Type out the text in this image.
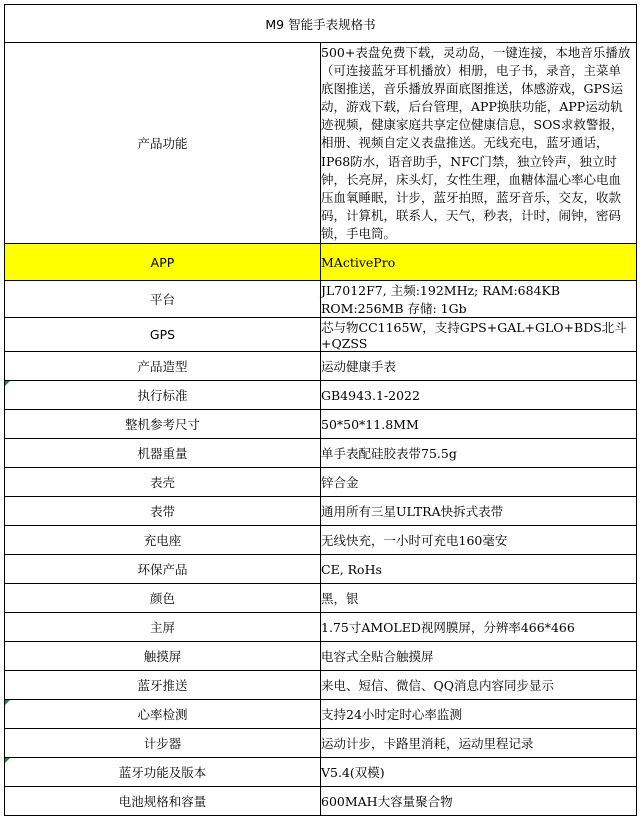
M9 智能手表规格书	
产品功能	500+表盘免费下载，灵动岛，一键连接，本地音乐播放（可连接蓝牙耳机播放）相册，电子书，录音，主菜单底图推送，音乐播放界面底图推送，体感游戏，GPS运动，游戏下载，后台管理，APP换肤功能，APP运动轨迹视频，健康家庭共享定位健康信息，SOS求救警报，相册、视频自定义表盘推送。无线充电，蓝牙通话，IP68防水，语音助手，NFC门禁，独立铃声，独立时钟，长亮屏，床头灯，女性生理，血糖体温心率心电血压血氧睡眠，计步，蓝牙拍照，蓝牙音乐，交友，收款码，计算机，联系人，天气，秒表，计时，闹钟，密码锁，手电筒。
APP	MActivePro
平台	JL7012F7, 主频:192MHz; RAM:684KB ROM:256MB 存储: 1Gb
GPS	芯与物CC1165W，支持GPS+GAL+GLO+BDS北斗+QZSS
产品造型	运动健康手表

执行标准	GB4943.1-2022
整机参考尺寸	50*50*11.8MM
机器重量	单手表配硅胶表带75.5g
表壳	锌合金
表带	通用所有三星ULTRA快拆式表带
充电座	无线快充，一小时可充电160毫安
环保产品	CE, RoHs
颜色	黑，银
主屏	1.75寸AMOLED视网膜屏，分辨率466*466
触摸屏	电容式全贴合触摸屏
蓝牙推送	来电、短信、微信、QQ消息内容同步显示

心率检测	支持24小时定时心率监测
计步器	运动计步，卡路里消耗，运动里程记录

蓝牙功能及版本	V5.4(双模)
电池规格和容量	600MAH大容量聚合物
